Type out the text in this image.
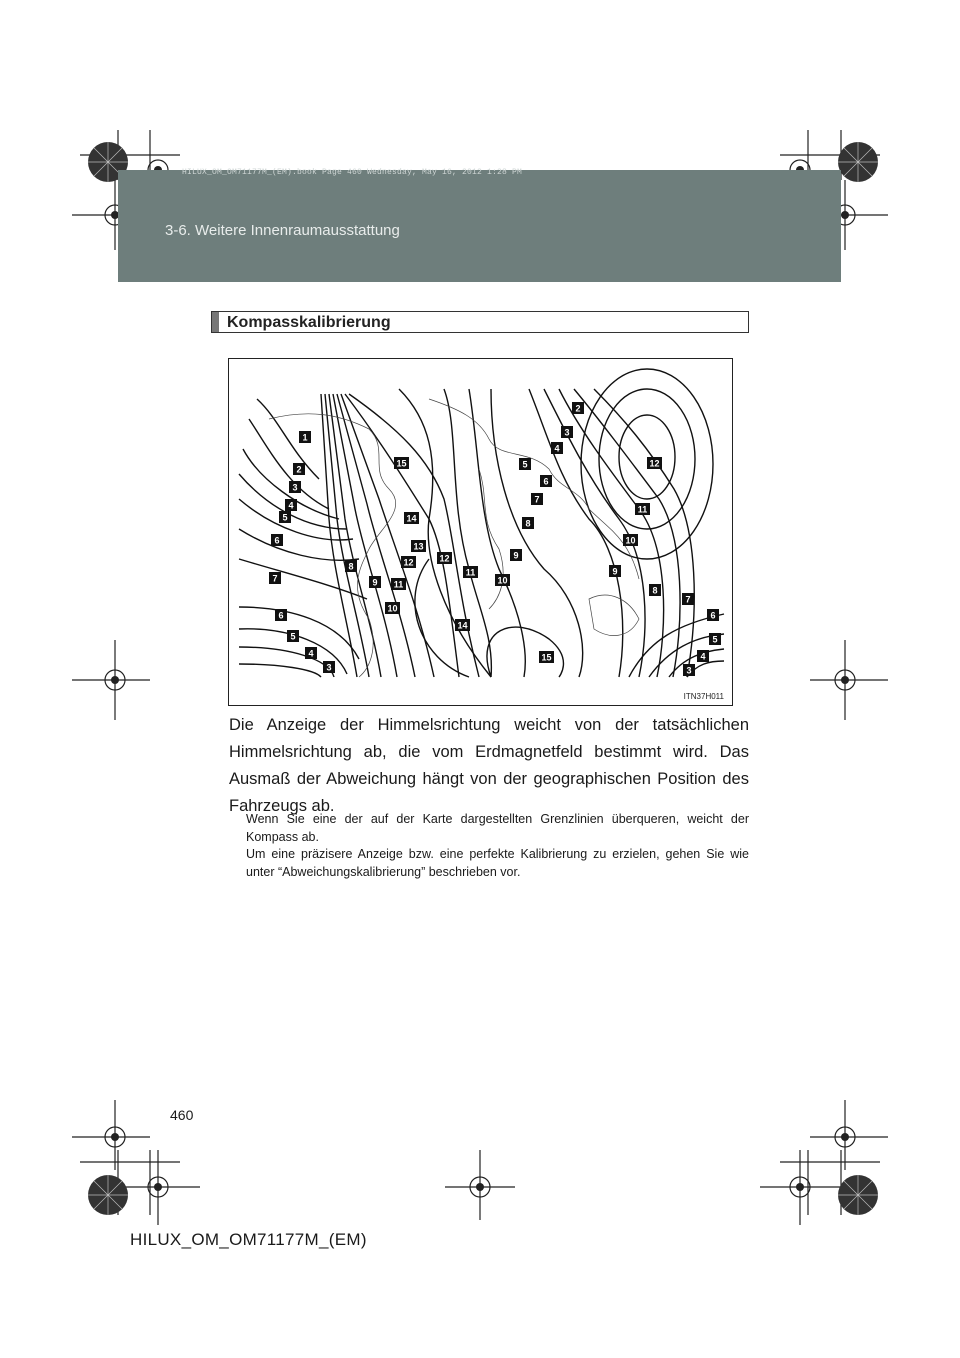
HILUX_OM_OM71177M_(EM).book Page 460 Wednesday, May 16, 2012 1:28 PM
3-6. Weitere Innenraumausstattung
Kompasskalibrierung
1
2
3
4
5
6
7
6
5
4
3
15
14
13
12
8
9 11
10
12
11
10
14
15
2
3
4
5
6
7
8
9
12
11
10
9
8
7
6
5
4
3
ITN37H011
Die Anzeige der Himmelsrichtung weicht von der tatsächlichen Himmelsrichtung ab, die vom Erdmagnetfeld bestimmt wird. Das Ausmaß der Abweichung hängt von der geographischen Position des Fahrzeugs ab.
Wenn Sie eine der auf der Karte dargestellten Grenzlinien überqueren, weicht der Kompass ab.
Um eine präzisere Anzeige bzw. eine perfekte Kalibrierung zu erzielen, gehen Sie wie unter “Abweichungskalibrierung” beschrieben vor.
460
HILUX_OM_OM71177M_(EM)
